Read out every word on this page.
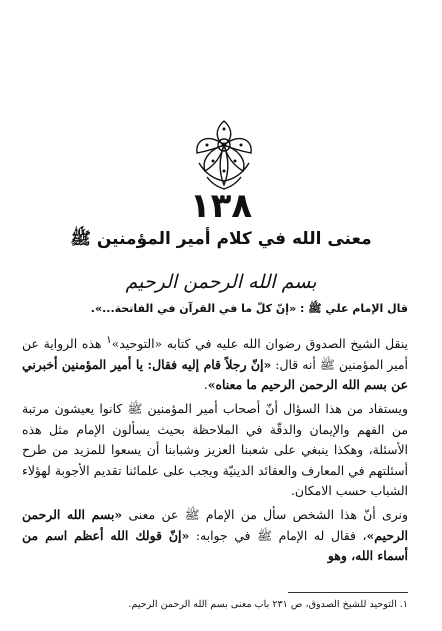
١٣٨
معنى الله في كلام أمير المؤمنين ﷺ
بسم الله الرحمن الرحيم
قال الإمام علي ﷺ : «إنّ كلّ ما في القرآن في الفاتحة...».

ينقل الشيخ الصدوق رضوان الله عليه في كتابه «التوحيد»$^١$ هذه الرواية عن أمير المؤمنين ﷺ أنه قال: «إنّ رجلاً قام إليه فقال: يا أمير المؤمنين أخبرني عن بسم الله الرحمن الرحيم ما معناه».

ويستفاد من هذا السؤال أنّ أصحاب أمير المؤمنين ﷺ كانوا يعيشون مرتبة من الفهم والإيمان والدقّة في الملاحظة بحيث يسألون الإمام مثل هذه الأسئلة، وهكذا ينبغي على شعبنا العزيز وشبابنا أن يسعوا للمزيد من طرح أسئلتهم في المعارف والعقائد الدينيّة ويجب على علمائنا تقديم الأجوبة لهؤلاء الشباب حسب الامكان.

ونرى أنّ هذا الشخص سأل من الإمام ﷺ عن معنى «بسم الله الرحمن الرحيم»، فقال له الإمام ﷺ في جوابه: «إنّ قولك الله أعظم اسم من أسماء الله، وهو

١. التوحيد للشيخ الصدوق، ص ٢٣١ باب معنى بسم الله الرحمن الرحيم.
